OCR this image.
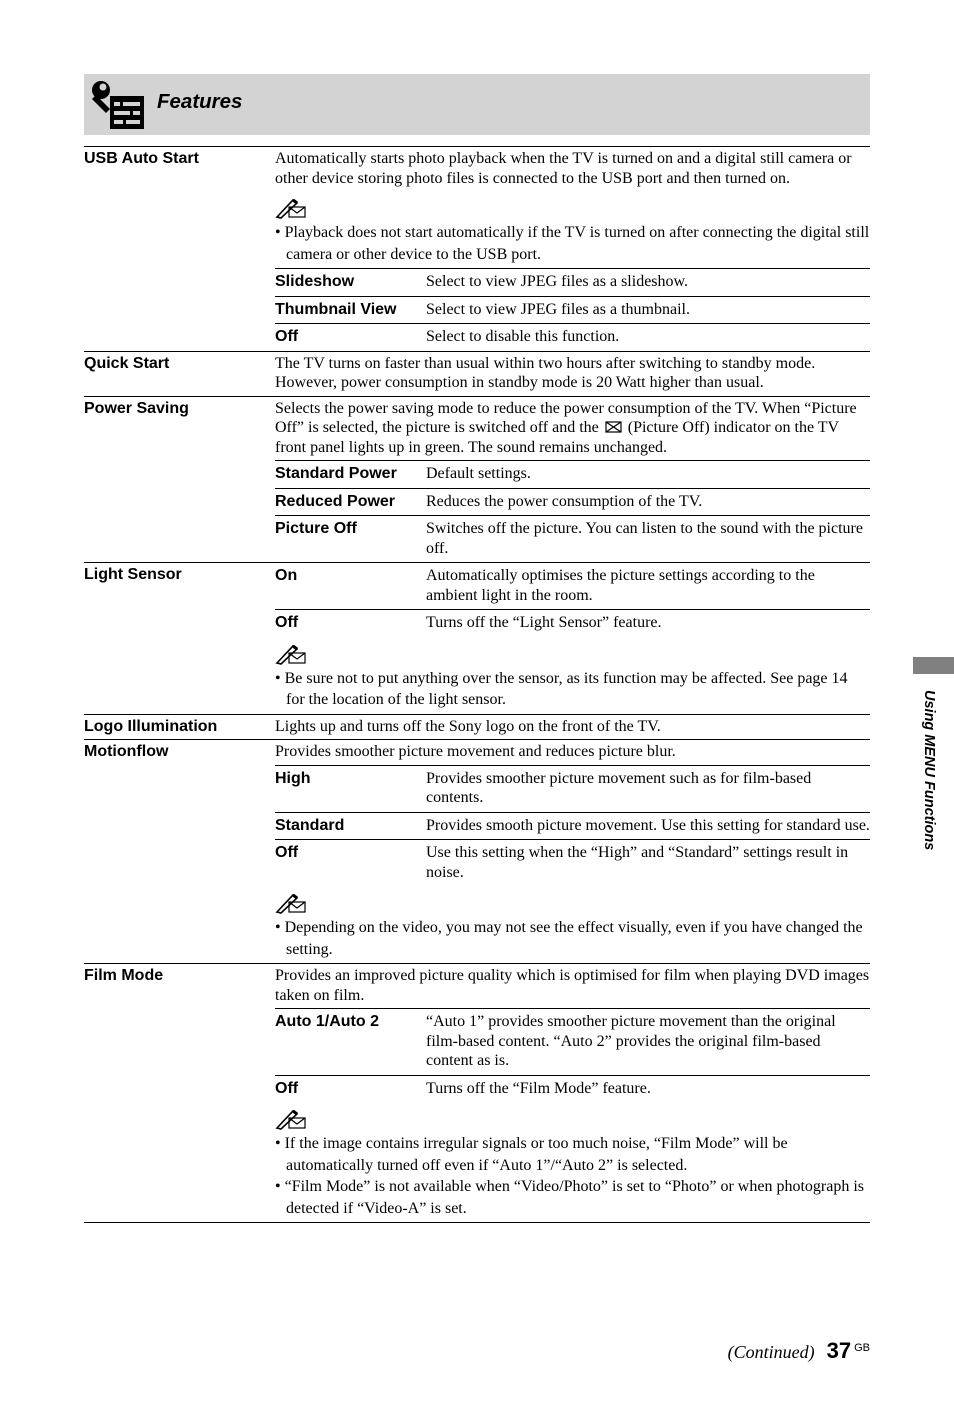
Features
USB Auto Start	Automatically starts photo playback when the TV is turned on and a digital still camera or other device storing photo files is connected to the USB port and then turned on.
• Playback does not start automatically if the TV is turned on after connecting the digital still camera or other device to the USB port.
Slideshow	Select to view JPEG files as a slideshow.
Thumbnail View	Select to view JPEG files as a thumbnail.
Off	Select to disable this function.
Quick Start	The TV turns on faster than usual within two hours after switching to standby mode. However, power consumption in standby mode is 20 Watt higher than usual.
Power Saving	Selects the power saving mode to reduce the power consumption of the TV. When “Picture Off” is selected, the picture is switched off and the (Picture Off) indicator on the TV front panel lights up in green. The sound remains unchanged.
Standard Power	Default settings.
Reduced Power	Reduces the power consumption of the TV.
Picture Off	Switches off the picture. You can listen to the sound with the picture off.
Light Sensor	On	Automatically optimises the picture settings according to the ambient light in the room.
Off	Turns off the “Light Sensor” feature.
• Be sure not to put anything over the sensor, as its function may be affected. See page 14 for the location of the light sensor.
Logo Illumination	Lights up and turns off the Sony logo on the front of the TV.
Motionflow	Provides smoother picture movement and reduces picture blur.
High	Provides smoother picture movement such as for film-based contents.
Standard	Provides smooth picture movement. Use this setting for standard use.
Off	Use this setting when the “High” and “Standard” settings result in noise.
• Depending on the video, you may not see the effect visually, even if you have changed the setting.
Film Mode	Provides an improved picture quality which is optimised for film when playing DVD images taken on film.
Auto 1/Auto 2	“Auto 1” provides smoother picture movement than the original film-based content. “Auto 2” provides the original film-based content as is.
Off	Turns off the “Film Mode” feature.
• If the image contains irregular signals or too much noise, “Film Mode” will be automatically turned off even if “Auto 1”/“Auto 2” is selected.
• “Film Mode” is not available when “Video/Photo” is set to “Photo” or when photograph is detected if “Video-A” is set.
Using MENU Functions
(Continued) 37 GB
